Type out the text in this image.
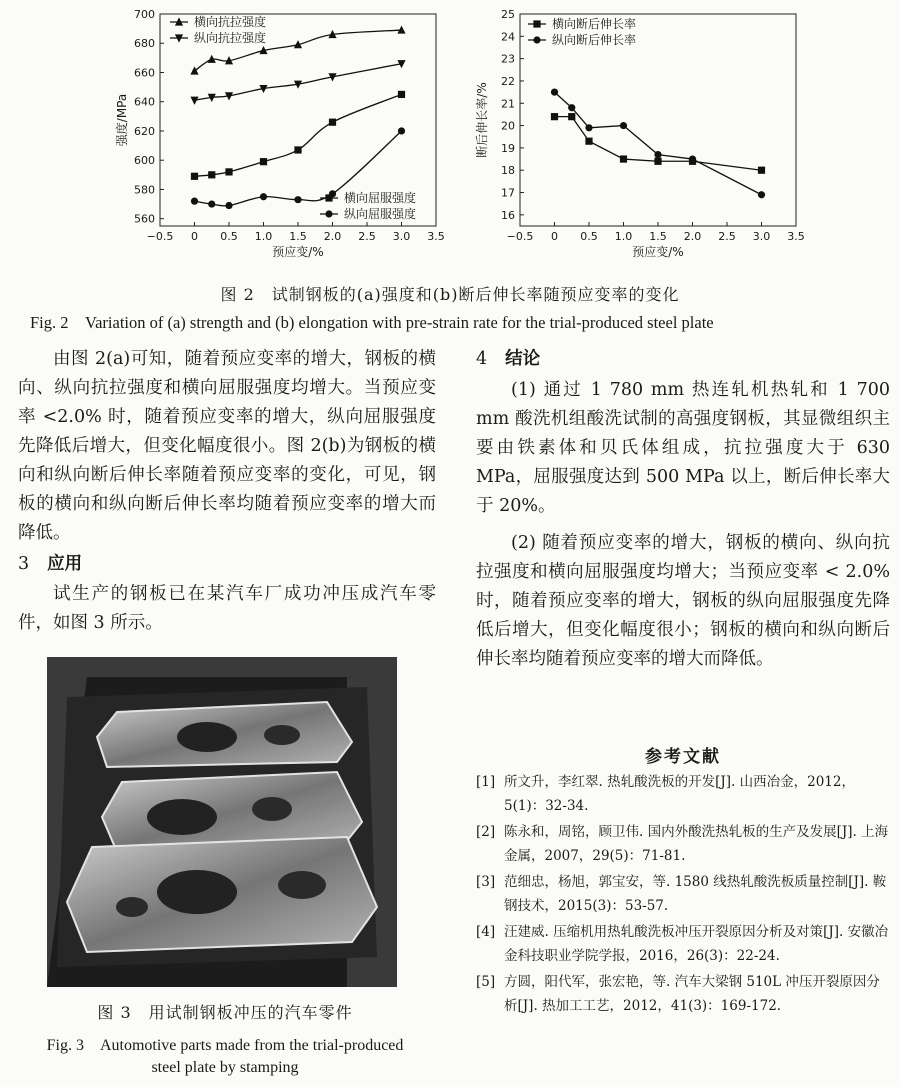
−0.5 0 0.5 1.0 1.5 2.0 2.5 3.0 3.5
560
580
600
620
640
660
680
700
预应变/%
强度/MPa
横向抗拉强度
纵向抗拉强度
横向屈服强度
纵向屈服强度
−0.5 0 0.5 1.0 1.5 2.0 2.5 3.0 3.5
16
17
18
19
20
21
22
23
24
25
预应变/%
断后伸长率/%
横向断后伸长率
纵向断后伸长率
图 2　试制钢板的(a)强度和(b)断后伸长率随预应变率的变化
Fig. 2　Variation of (a) strength and (b) elongation with pre-strain rate for the trial-produced steel plate

由图 2(a)可知，随着预应变率的增大，钢板的横向、纵向抗拉强度和横向屈服强度均增大。当预应变率 <2.0% 时，随着预应变率的增大，纵向屈服强度先降低后增大，但变化幅度很小。图 2(b)为钢板的横向和纵向断后伸长率随着预应变率的变化，可见，钢板的横向和纵向断后伸长率均随着预应变率的增大而降低。

3 应用

试生产的钢板已在某汽车厂成功冲压成汽车零件，如图 3 所示。

图 3　用试制钢板冲压的汽车零件
Fig. 3　Automotive parts made from the trial-produced
steel plate by stamping
4 结论

(1) 通过 1 780 mm 热连轧机热轧和 1 700 mm 酸洗机组酸洗试制的高强度钢板，其显微组织主要由铁素体和贝氏体组成，抗拉强度大于 630 MPa，屈服强度达到 500 MPa 以上，断后伸长率大于 20%。

(2) 随着预应变率的增大，钢板的横向、纵向抗拉强度和横向屈服强度均增大；当预应变率 < 2.0% 时，随着预应变率的增大，钢板的纵向屈服强度先降低后增大，但变化幅度很小；钢板的横向和纵向断后伸长率均随着预应变率的增大而降低。

参考文献
[1] 所文升，李红翠. 热轧酸洗板的开发[J]. 山西冶金，2012，5(1)：32-34.
[2] 陈永和，周铭，顾卫伟. 国内外酸洗热轧板的生产及发展[J]. 上海金属，2007，29(5)：71-81.
[3] 范细忠，杨旭，郭宝安，等. 1580 线热轧酸洗板质量控制[J]. 鞍钢技术，2015(3)：53-57.
[4] 汪建威. 压缩机用热轧酸洗板冲压开裂原因分析及对策[J]. 安徽冶金科技职业学院学报，2016，26(3)：22-24.
[5] 方圆，阳代军，张宏艳，等. 汽车大梁钢 510L 冲压开裂原因分析[J]. 热加工工艺，2012，41(3)：169-172.
